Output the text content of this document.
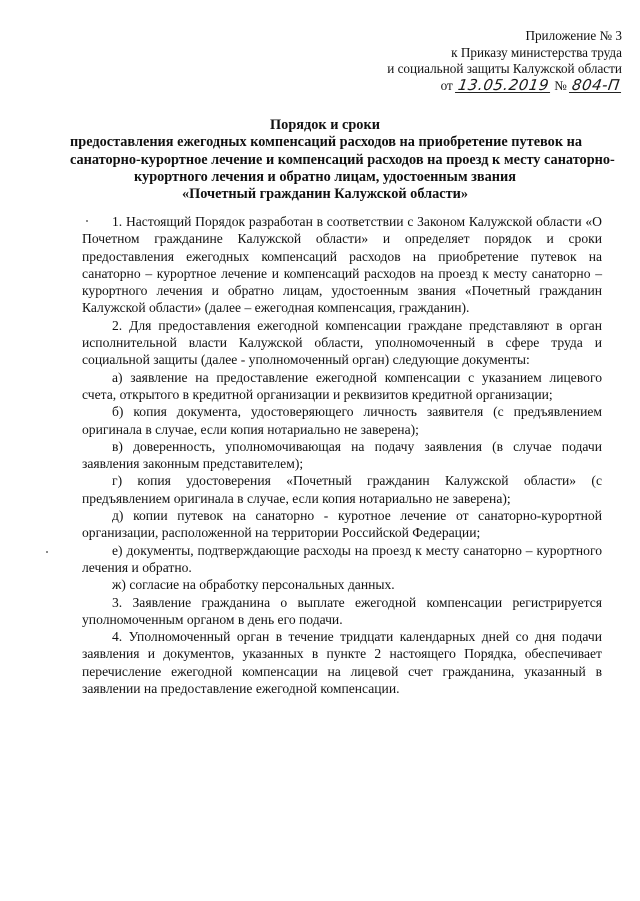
Приложение № 3
к Приказу министерства труда
и социальной защиты Калужской области
от 13.05.2019 № 804-П
Порядок и сроки
предоставления ежегодных компенсаций расходов на приобретение путевок на
санаторно-курортное лечение и компенсаций расходов на проезд к месту санаторно-
курортного лечения и обратно лицам, удостоенным звания
«Почетный гражданин Калужской области»

1. Настоящий Порядок разработан в соответствии с Законом Калужской области «О Почетном гражданине Калужской области» и определяет порядок и сроки предоставления ежегодных компенсаций расходов на приобретение путевок на санаторно – курортное лечение и компенсаций расходов на проезд к месту санаторно – курортного лечения и обратно лицам, удостоенным звания «Почетный гражданин Калужской области» (далее – ежегодная компенсация, гражданин).

2. Для предоставления ежегодной компенсации граждане представляют в орган исполнительной власти Калужской области, уполномоченный в сфере труда и социальной защиты (далее - уполномоченный орган) следующие документы:

а) заявление на предоставление ежегодной компенсации с указанием лицевого счета, открытого в кредитной организации и реквизитов кредитной организации;

б) копия документа, удостоверяющего личность заявителя (с предъявлением оригинала в случае, если копия нотариально не заверена);

в) доверенность, уполномочивающая на подачу заявления (в случае подачи заявления законным представителем);

г) копия удостоверения «Почетный гражданин Калужской области» (с предъявлением оригинала в случае, если копия нотариально не заверена);

д) копии путевок на санаторно - куротное лечение от санаторно-курортной организации, расположенной на территории Российской Федерации;

е) документы, подтверждающие расходы на проезд к месту санаторно – курортного лечения и обратно.

ж) согласие на обработку персональных данных.

3. Заявление гражданина о выплате ежегодной компенсации регистрируется уполномоченным органом в день его подачи.

4. Уполномоченный орган в течение тридцати календарных дней со дня подачи заявления и документов, указанных в пункте 2 настоящего Порядка, обеспечивает перечисление ежегодной компенсации на лицевой счет гражданина, указанный в заявлении на предоставление ежегодной компенсации.
